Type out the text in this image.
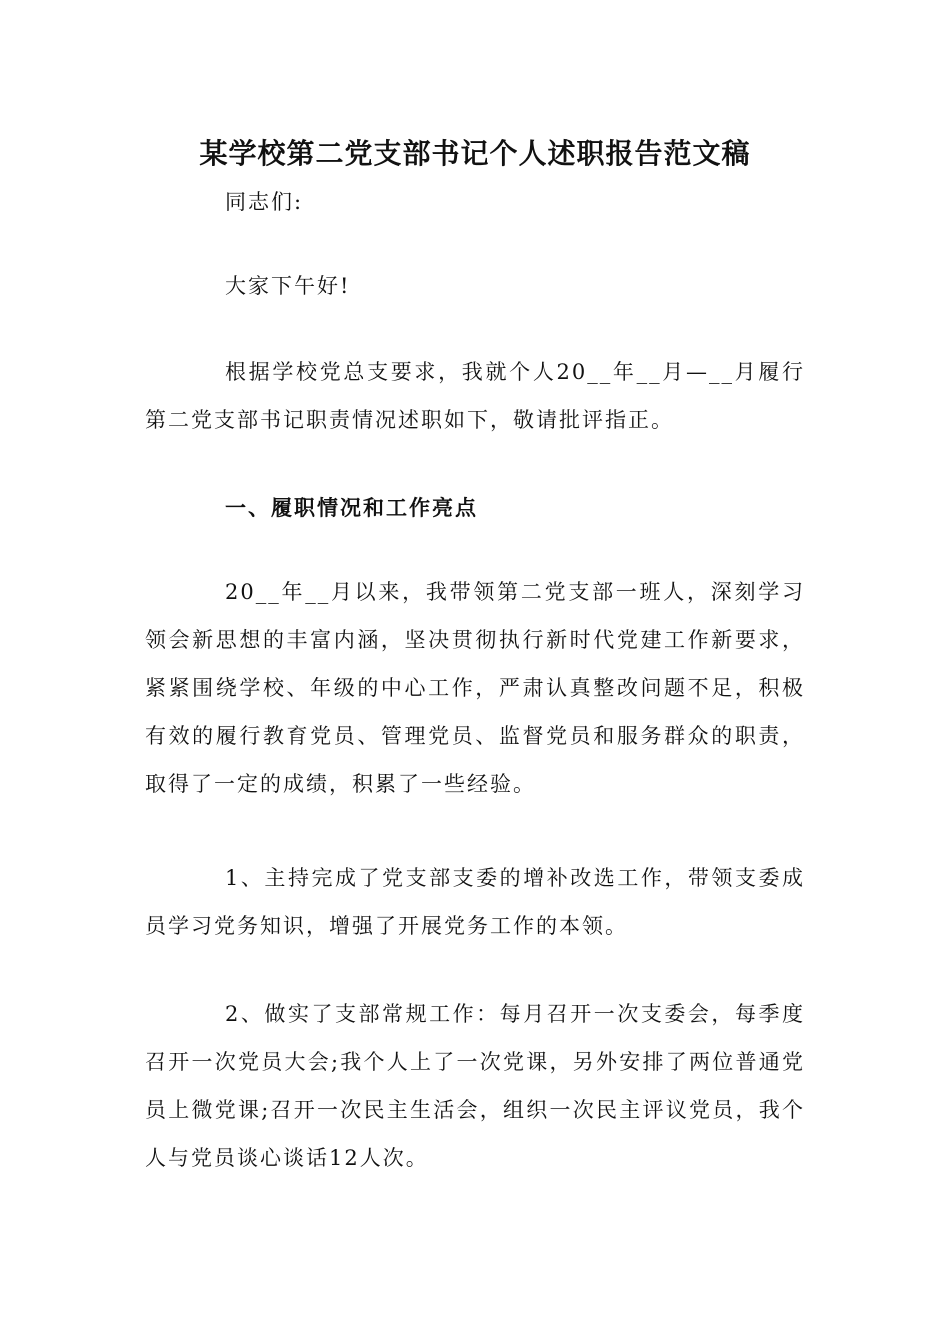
某学校第二党支部书记个人述职报告范文稿

同志们:

大家下午好!

根据学校党总支要求，我就个人20__年__月—__月履行第二党支部书记职责情况述职如下，敬请批评指正。

一、履职情况和工作亮点

20__年__月以来，我带领第二党支部一班人，深刻学习领会新思想的丰富内涵，坚决贯彻执行新时代党建工作新要求，紧紧围绕学校、年级的中心工作，严肃认真整改问题不足，积极有效的履行教育党员、管理党员、监督党员和服务群众的职责，取得了一定的成绩，积累了一些经验。

1、主持完成了党支部支委的增补改选工作，带领支委成员学习党务知识，增强了开展党务工作的本领。

2、做实了支部常规工作：每月召开一次支委会，每季度召开一次党员大会;我个人上了一次党课，另外安排了两位普通党员上微党课;召开一次民主生活会，组织一次民主评议党员，我个人与党员谈心谈话12人次。
